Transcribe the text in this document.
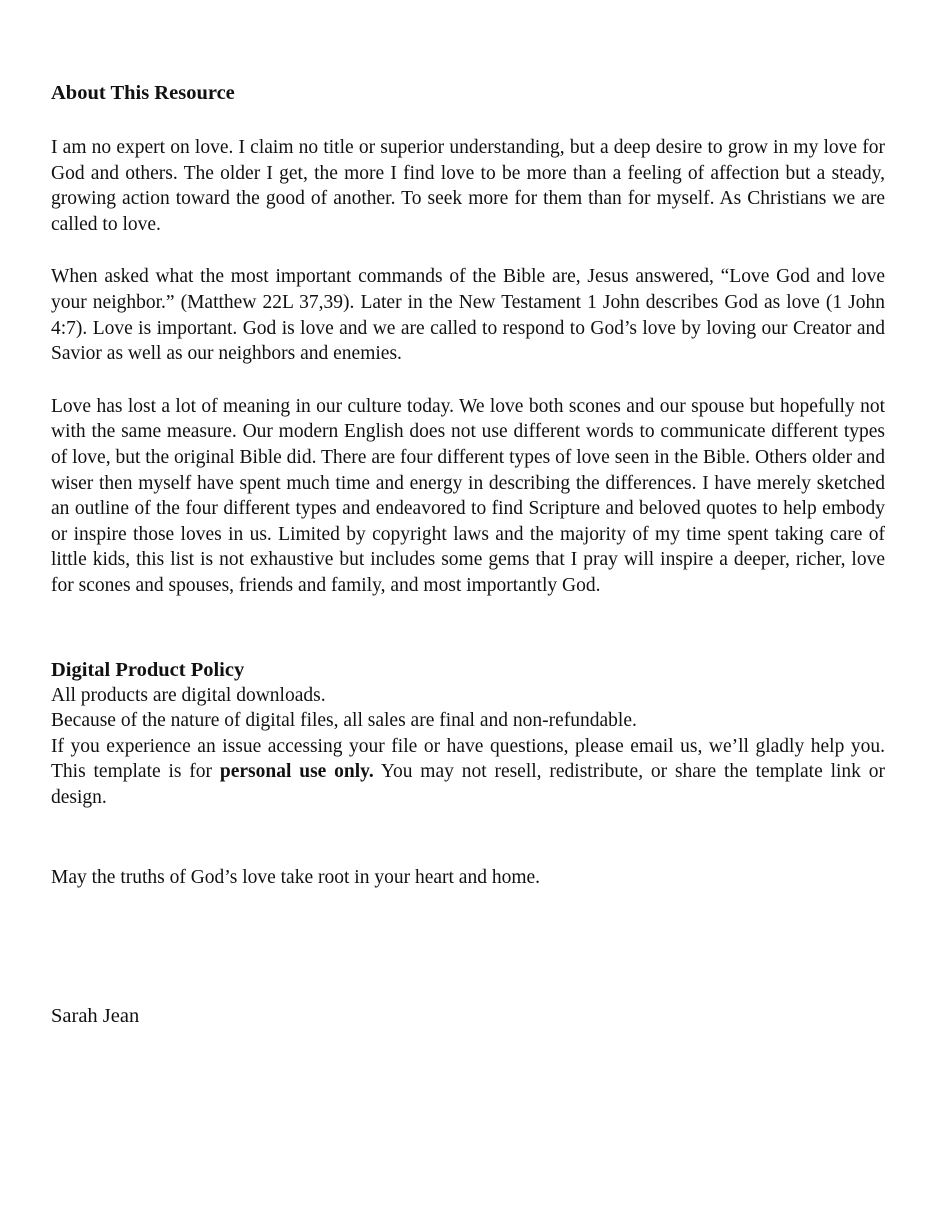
About This Resource

I am no expert on love. I claim no title or superior understanding, but a deep desire to grow in my love for God and others. The older I get, the more I find love to be more than a feeling of affection but a steady, growing action toward the good of another. To seek more for them than for myself. As Christians we are called to love.

When asked what the most important commands of the Bible are, Jesus answered, “Love God and love your neighbor.” (Matthew 22L 37,39). Later in the New Testament 1 John describes God as love (1 John 4:7). Love is important. God is love and we are called to respond to God’s love by loving our Creator and Savior as well as our neighbors and enemies.

Love has lost a lot of meaning in our culture today. We love both scones and our spouse but hopefully not with the same measure. Our modern English does not use different words to communicate different types of love, but the original Bible did. There are four different types of love seen in the Bible. Others older and wiser then myself have spent much time and energy in describing the differences. I have merely sketched an outline of the four different types and endeavored to find Scripture and beloved quotes to help embody or inspire those loves in us. Limited by copyright laws and the majority of my time spent taking care of little kids, this list is not exhaustive but includes some gems that I pray will inspire a deeper, richer, love for scones and spouses, friends and family, and most importantly God.

Digital Product Policy

All products are digital downloads.

Because of the nature of digital files, all sales are final and non-refundable.

If you experience an issue accessing your file or have questions, please email us, we’ll gladly help you. This template is for personal use only. You may not resell, redistribute, or share the template link or design.

May the truths of God’s love take root in your heart and home.

Sarah Jean
